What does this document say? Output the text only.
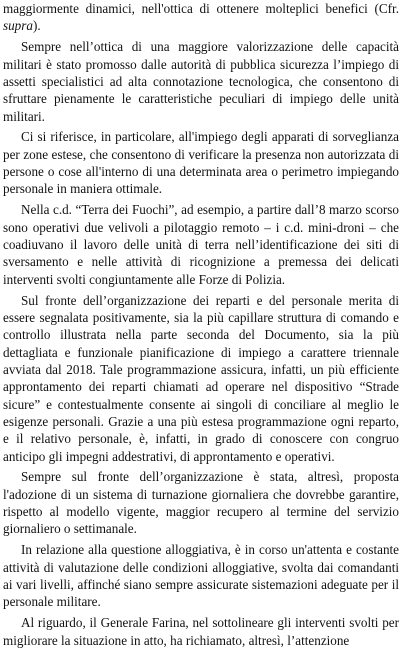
maggiormente dinamici, nell'ottica di ottenere molteplici benefici (Cfr. supra).

Sempre nell’ottica di una maggiore valorizzazione delle capacità militari è stato promosso dalle autorità di pubblica sicurezza l’impiego di assetti specialistici ad alta connotazione tecnologica, che consentono di sfruttare pienamente le caratteristiche peculiari di impiego delle unità militari.

Ci si riferisce, in particolare, all'impiego degli apparati di sorveglianza per zone estese, che consentono di verificare la presenza non autorizzata di persone o cose all'interno di una determinata area o perimetro impiegando personale in maniera ottimale.

Nella c.d. “Terra dei Fuochi”, ad esempio, a partire dall’8 marzo scorso sono operativi due velivoli a pilotaggio remoto – i c.d. mini-droni – che coadiuvano il lavoro delle unità di terra nell’identificazione dei siti di sversamento e nelle attività di ricognizione a premessa dei delicati interventi svolti congiuntamente alle Forze di Polizia.

Sul fronte dell’organizzazione dei reparti e del personale merita di essere segnalata positivamente, sia la più capillare struttura di comando e controllo illustrata nella parte seconda del Documento, sia la più dettagliata e funzionale pianificazione di impiego a carattere triennale avviata dal 2018. Tale programmazione assicura, infatti, un più efficiente approntamento dei reparti chiamati ad operare nel dispositivo “Strade sicure” e contestualmente consente ai singoli di conciliare al meglio le esigenze personali. Grazie a una più estesa programmazione ogni reparto, e il relativo personale, è, infatti, in grado di conoscere con congruo anticipo gli impegni addestrativi, di approntamento e operativi.

Sempre sul fronte dell’organizzazione è stata, altresì, proposta l'adozione di un sistema di turnazione giornaliera che dovrebbe garantire, rispetto al modello vigente, maggior recupero al termine del servizio giornaliero o settimanale.

In relazione alla questione alloggiativa, è in corso un'attenta e costante attività di valutazione delle condizioni alloggiative, svolta dai comandanti ai vari livelli, affinché siano sempre assicurate sistemazioni adeguate per il personale militare.

Al riguardo, il Generale Farina, nel sottolineare gli interventi svolti per migliorare la situazione in atto, ha richiamato, altresì, l’attenzione
